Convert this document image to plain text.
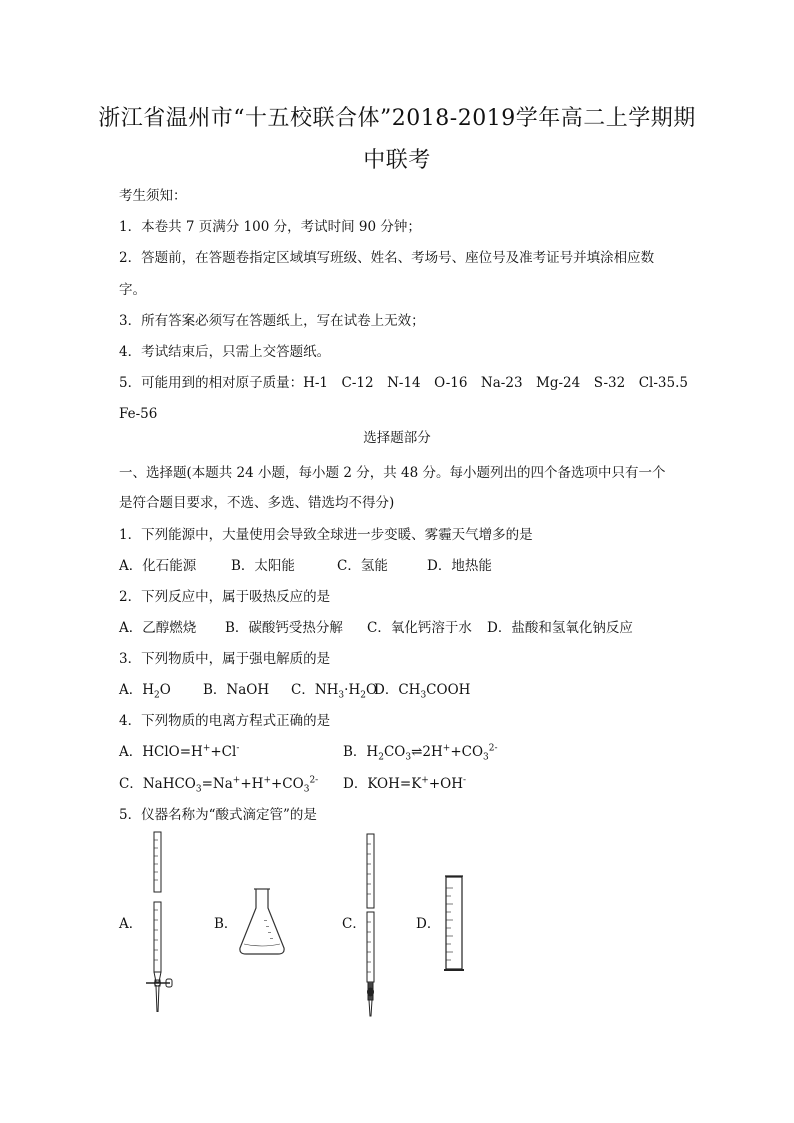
浙江省温州市“十五校联合体”2018-2019学年高二上学期期
中联考
考生须知：
1．本卷共 7 页满分 100 分，考试时间 90 分钟；
2．答题前，在答题卷指定区域填写班级、姓名、考场号、座位号及准考证号并填涂相应数
字。
3．所有答案必须写在答题纸上，写在试卷上无效；
4．考试结束后，只需上交答题纸。
5．可能用到的相对原子质量：H-1　C-12　N-14　O-16　Na-23　Mg-24　S-32　Cl-35.5
Fe-56
选择题部分
一、选择题(本题共 24 小题，每小题 2 分，共 48 分。每小题列出的四个备选项中只有一个
是符合题目要求，不选、多选、错选均不得分)
1．下列能源中，大量使用会导致全球进一步变暖、雾霾天气增多的是
A．化石能源	B．太阳能	C．氢能	D．地热能
2．下列反应中，属于吸热反应的是
A．乙醇燃烧 B．碳酸钙受热分解 C．氧化钙溶于水 D．盐酸和氢氧化钠反应
3．下列物质中，属于强电解质的是
A．$H_2O$ B．NaOH C．$NH_3\cdot H_2O$
D．$CH_3COOH$
4．下列物质的电离方程式正确的是
A．HClO=H++Cl-	B．$H_2CO_3\rightleftharpoons 2H^++CO_3^{2-}$
C．$NaHCO_3=Na^++H^++CO_3^{2-}$ D．KOH=K++OH-
5．仪器名称为“酸式滴定管”的是
A．	B．	C．	D．
